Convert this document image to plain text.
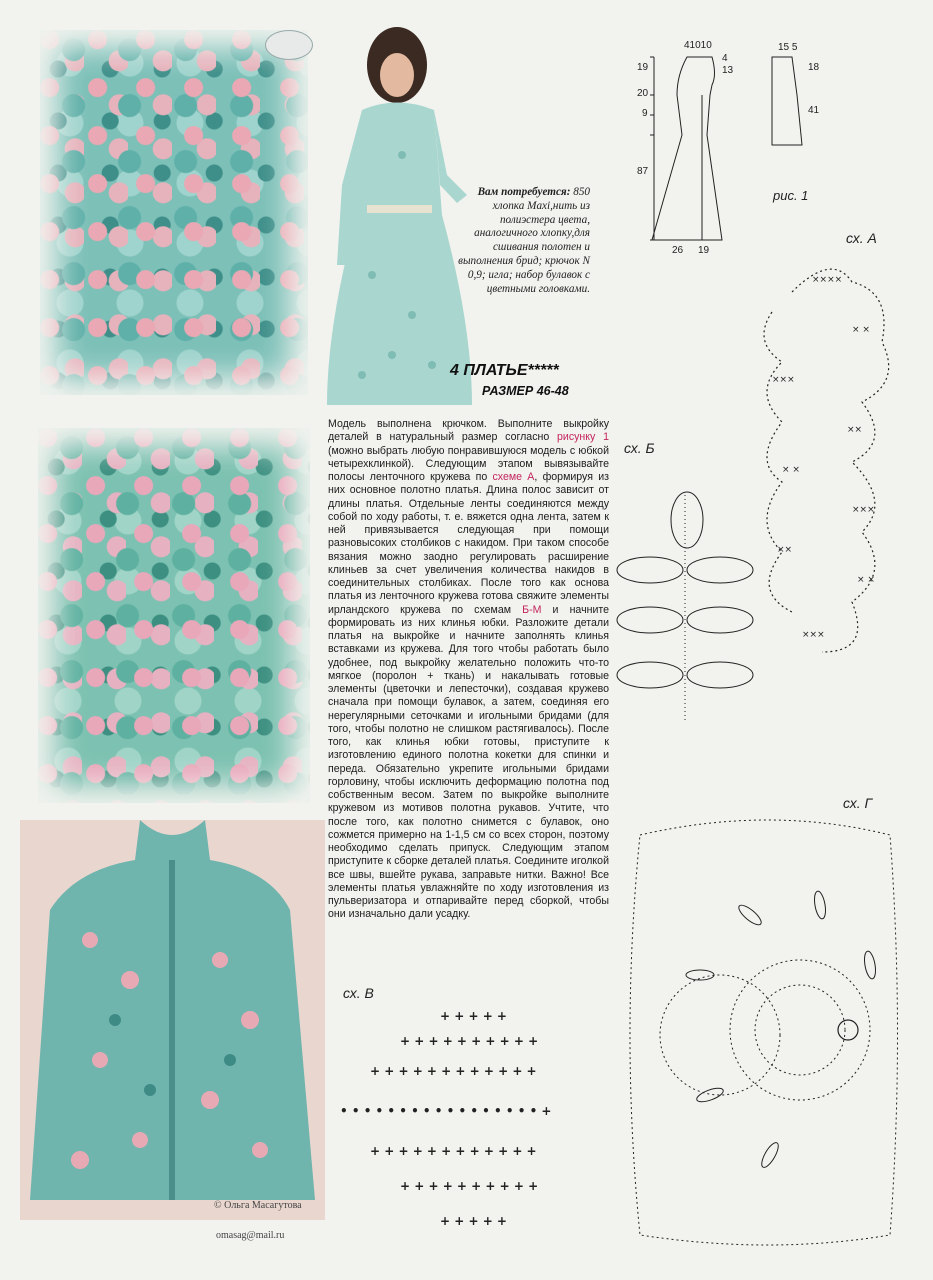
© Ольга Масагутова
omasag@mail.ru
Вам потребуется: 850 хлопка Maxi,нить из полиэстера цвета, аналогичного хлопку,для сшивания полотен и выполнения брид; крючок N 0,9; игла; набор булавок с цветными головками.
4 ПЛАТЬЕ*****
РАЗМЕР 46-48
Модель выполнена крючком. Выполните выкройку деталей в натуральный размер согласно рисунку 1 (можно выбрать любую понравившуюся модель с юбкой четырехклинкой). Следующим этапом вывязывайте полосы ленточного кружева по схеме А, формируя из них основное полотно платья. Длина полос зависит от длины платья. Отдельные ленты соединяются между собой по ходу работы, т. е. вяжется одна лента, затем к ней привязывается следующая при помощи разновысоких столбиков с накидом. При таком способе вязания можно заодно регулировать расширение клиньев за счет увеличения количества накидов в соединительных столбиках. После того как основа платья из ленточного кружева готова свяжите элементы ирландского кружева по схемам Б-М и начните формировать из них клинья юбки. Разложите детали платья на выкройке и начните заполнять клинья вставками из кружева. Для того чтобы работать было удобнее, под выкройку желательно положить что-то мягкое (поролон + ткань) и накалывать готовые элементы (цветочки и лепесточки), создавая кружево сначала при помощи булавок, а затем, соединяя его нерегулярными сеточками и игольными бридами (для того, чтобы полотно не слишком растягивалось). После того, как клинья юбки готовы, приступите к изготовлению единого полотна кокетки для спинки и переда. Обязательно укрепите игольными бридами горловину, чтобы исключить деформацию полотна под собственным весом. Затем по выкройке выполните кружевом из мотивов полотна рукавов. Учтите, что после того, как полотно снимется с булавок, оно сожмется примерно на 1-1,5 см со всех сторон, поэтому необходимо сделать припуск. Следующим этапом приступите к сборке деталей платья. Соедините иголкой все швы, вшейте рукава, заправьте нитки. Важно! Все элементы платья увлажняйте по ходу изготовления из пульверизатора и отпаривайте перед сборкой, чтобы они изначально дали усадку.
41010
4
13
19
20
9
87
26 19
15 5
18
41
рис. 1
сх. А
сх. Б
сх. В
сх. Г
××××
× ×
×××
××
× ×
×××
××
× ×
×××
+ + + + +
+ + + + + + + + + +
+ + + + + + + + + + + +
• • • • • • • • • • • • • • • • • +
+ + + + + + + + + + + +
+ + + + + + + + + +
+ + + + +
